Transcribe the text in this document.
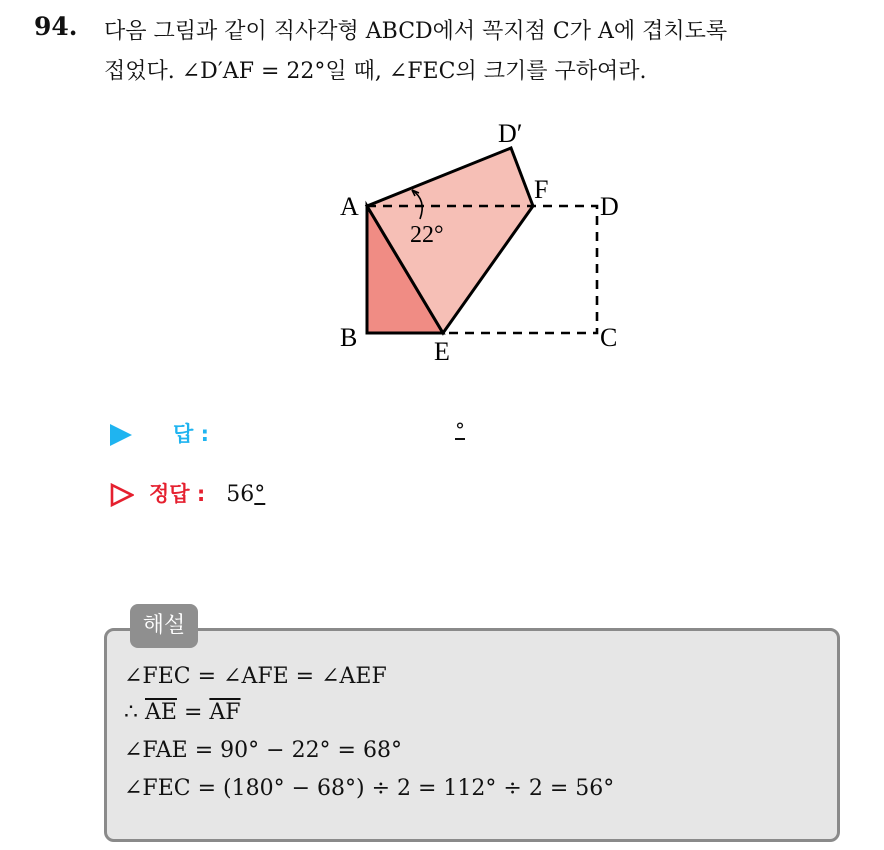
94. 다음 그림과 같이 직사각형 ABCD에서 꼭지점 C가 A에 겹치도록
접었다. ∠D′AF = 22°일 때, ∠FEC의 크기를 구하여라.
A
B	C
D
E
F
D′
22°
답 :	°
정답 : 56°
해설
∠FEC = ∠AFE = ∠AEF
∴ $\overline{AE} = \overline{AF}$
∠FAE = 90° − 22° = 68°
∠FEC = (180° − 68°) ÷ 2 = 112° ÷ 2 = 56°
